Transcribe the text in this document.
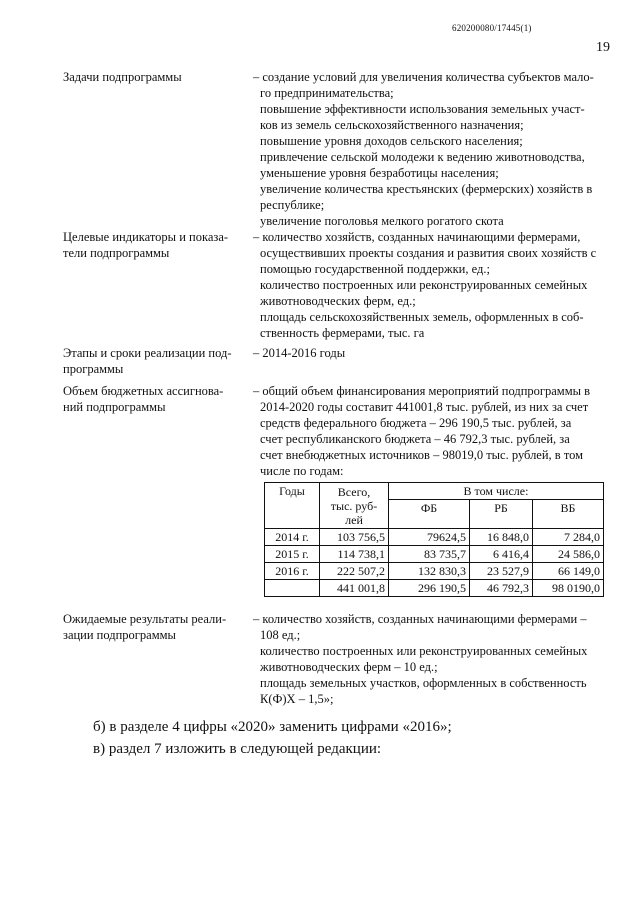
620200080/17445(1)
19
Задачи подпрограммы	– создание условий для увеличения количества субъектов мало-
го предпринимательства;
повышение эффективности использования земельных участ-
ков из земель сельскохозяйственного назначения;
повышение уровня доходов сельского населения;
привлечение сельской молодежи к ведению животноводства,
уменьшение уровня безработицы населения;
увеличение количества крестьянских (фермерских) хозяйств в
республике;
увеличение поголовья мелкого рогатого скота
Целевые индикаторы и показа-
тели подпрограммы
– количество хозяйств, созданных начинающими фермерами,
осуществивших проекты создания и развития своих хозяйств с
помощью государственной поддержки, ед.;
количество построенных или реконструированных семейных
животноводческих ферм, ед.;
площадь сельскохозяйственных земель, оформленных в соб-
ственность фермерами, тыс. га
Этапы и сроки реализации под-
программы
– 2014-2016 годы
Объем бюджетных ассигнова-
ний подпрограммы
– общий объем финансирования мероприятий подпрограммы в
2014-2020 годы составит 441001,8 тыс. рублей, из них за счет
средств федерального бюджета – 296 190,5 тыс. рублей, за
счет республиканского бюджета – 46 792,3 тыс. рублей, за
счет внебюджетных источников – 98019,0 тыс. рублей, в том
числе по годам:
Годы	Всего,
тыс. руб-
лей	В том числе:		
		ФБ	РБ	ВБ
2014 г.	103 756,5	79624,5	16 848,0	7 284,0
2015 г.	114 738,1	83 735,7	6 416,4	24 586,0
2016 г.	222 507,2	132 830,3	23 527,9	66 149,0
	441 001,8	296 190,5	46 792,3	98 0190,0
Ожидаемые результаты реали-
зации подпрограммы
– количество хозяйств, созданных начинающими фермерами –
108 ед.;
количество построенных или реконструированных семейных
животноводческих ферм – 10 ед.;
площадь земельных участков, оформленных в собственность
К(Ф)Х – 1,5»;
б) в разделе 4 цифры «2020» заменить цифрами «2016»;
в) раздел 7 изложить в следующей редакции:
